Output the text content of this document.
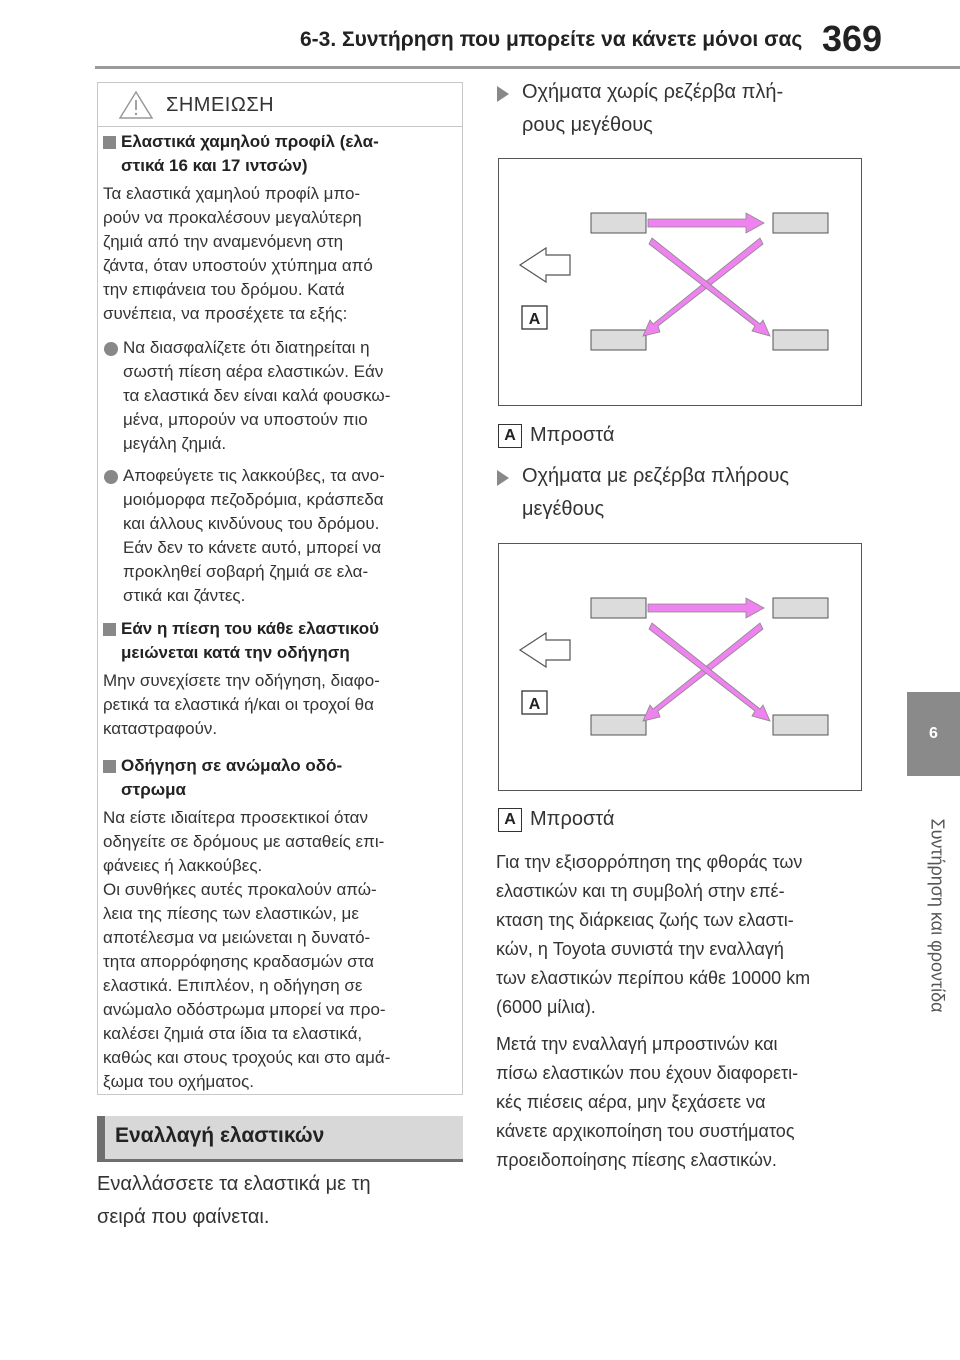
6-3. Συντήρηση που μπορείτε να κάνετε μόνοι σας 369
6
Συντήρηση και φροντίδα
ΣΗΜΕΙΩΣΗ
Ελαστικά χαμηλού προφίλ (ελα-
στικά 16 και 17 ιντσών)
Τα ελαστικά χαμηλού προφίλ μπο-
ρούν να προκαλέσουν μεγαλύτερη
ζημιά από την αναμενόμενη στη
ζάντα, όταν υποστούν χτύπημα από
την επιφάνεια του δρόμου. Κατά
συνέπεια, να προσέχετε τα εξής:
Να διασφαλίζετε ότι διατηρείται η
σωστή πίεση αέρα ελαστικών. Εάν
τα ελαστικά δεν είναι καλά φουσκω-
μένα, μπορούν να υποστούν πιο
μεγάλη ζημιά.
Αποφεύγετε τις λακκούβες, τα ανο-
μοιόμορφα πεζοδρόμια, κράσπεδα
και άλλους κινδύνους του δρόμου.
Εάν δεν το κάνετε αυτό, μπορεί να
προκληθεί σοβαρή ζημιά σε ελα-
στικά και ζάντες.
Εάν η πίεση του κάθε ελαστικού
μειώνεται κατά την οδήγηση
Μην συνεχίσετε την οδήγηση, διαφο-
ρετικά τα ελαστικά ή/και οι τροχοί θα
καταστραφούν.
Οδήγηση σε ανώμαλο οδό-
στρωμα
Να είστε ιδιαίτερα προσεκτικοί όταν
οδηγείτε σε δρόμους με ασταθείς επι-
φάνειες ή λακκούβες.
Οι συνθήκες αυτές προκαλούν απώ-
λεια της πίεσης των ελαστικών, με
αποτέλεσμα να μειώνεται η δυνατό-
τητα απορρόφησης κραδασμών στα
ελαστικά. Επιπλέον, η οδήγηση σε
ανώμαλο οδόστρωμα μπορεί να προ-
καλέσει ζημιά στα ίδια τα ελαστικά,
καθώς και στους τροχούς και στο αμά-
ξωμα του οχήματος.
Εναλλαγή ελαστικών
Εναλλάσσετε τα ελαστικά με τη
σειρά που φαίνεται.
Οχήματα χωρίς ρεζέρβα πλή-
ρους μεγέθους
A
A Μπροστά
Οχήματα με ρεζέρβα πλήρους
μεγέθους
A
A Μπροστά
Για την εξισορρόπηση της φθοράς των
ελαστικών και τη συμβολή στην επέ-
κταση της διάρκειας ζωής των ελαστι-
κών, η Toyota συνιστά την εναλλαγή
των ελαστικών περίπου κάθε 10000 km
(6000 μίλια).
Μετά την εναλλαγή μπροστινών και
πίσω ελαστικών που έχουν διαφορετι-
κές πιέσεις αέρα, μην ξεχάσετε να
κάνετε αρχικοποίηση του συστήματος
προειδοποίησης πίεσης ελαστικών.
